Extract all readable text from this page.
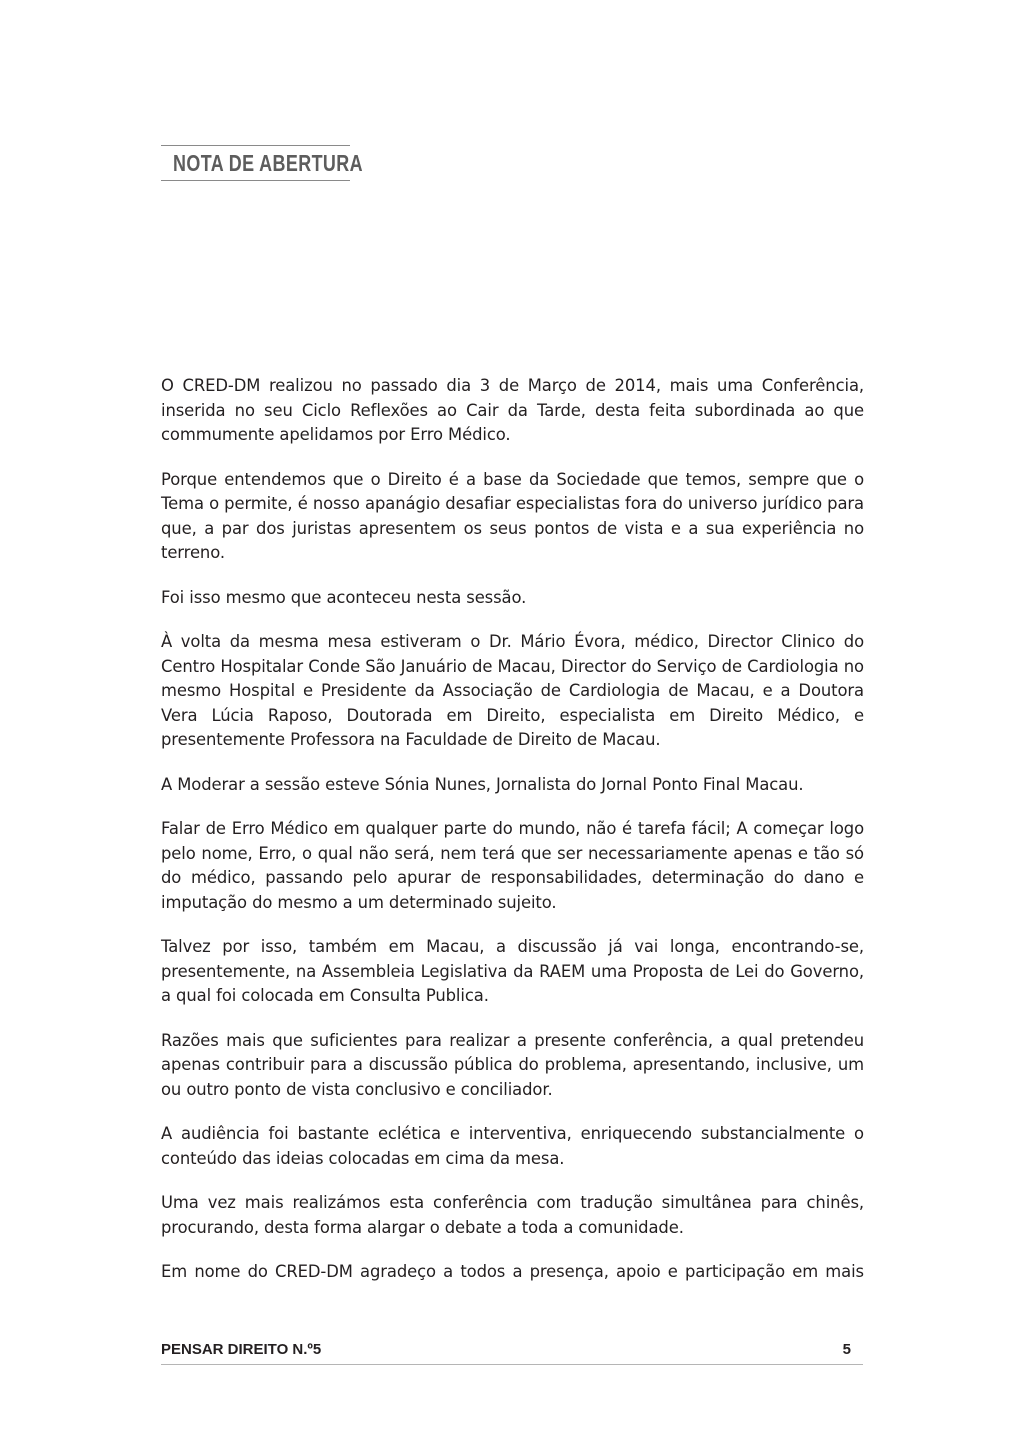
NOTA DE ABERTURA

O CRED-DM realizou no passado dia 3 de Março de 2014, mais uma Conferência, inserida no seu Ciclo Reflexões ao Cair da Tarde, desta feita subordinada ao que commumente apelidamos por Erro Médico.

Porque entendemos que o Direito é a base da Sociedade que temos, sempre que o Tema o permite, é nosso apanágio desafiar especialistas fora do universo jurídico para que, a par dos juristas apresentem os seus pontos de vista e a sua experiência no terreno.

Foi isso mesmo que aconteceu nesta sessão.

À volta da mesma mesa estiveram o Dr. Mário Évora, médico, Director Clinico do Centro Hospitalar Conde São Januário de Macau, Director do Serviço de Cardiologia no mesmo Hospital e Presidente da Associação de Cardiologia de Macau, e a Doutora Vera Lúcia Raposo, Doutorada em Direito, especialista em Direito Médico, e presentemente Professora na Faculdade de Direito de Macau.

A Moderar a sessão esteve Sónia Nunes, Jornalista do Jornal Ponto Final Macau.

Falar de Erro Médico em qualquer parte do mundo, não é tarefa fácil; A começar logo pelo nome, Erro, o qual não será, nem terá que ser necessariamente apenas e tão só do médico, passando pelo apurar de responsabilidades, determinação do dano e imputação do mesmo a um determinado sujeito.

Talvez por isso, também em Macau, a discussão já vai longa, encontrando-se, presentemente, na Assembleia Legislativa da RAEM uma Proposta de Lei do Governo, a qual foi colocada em Consulta Publica.

Razões mais que suficientes para realizar a presente conferência, a qual pretendeu apenas contribuir para a discussão pública do problema, apresentando, inclusive, um ou outro ponto de vista conclusivo e conciliador.

A audiência foi bastante eclética e interventiva, enriquecendo substancialmente o conteúdo das ideias colocadas em cima da mesa.

Uma vez mais realizámos esta conferência com tradução simultânea para chinês, procurando, desta forma alargar o debate a toda a comunidade.

Em nome do CRED-DM agradeço a todos a presença, apoio e participação em mais

PENSAR DIREITO N.º5	5
